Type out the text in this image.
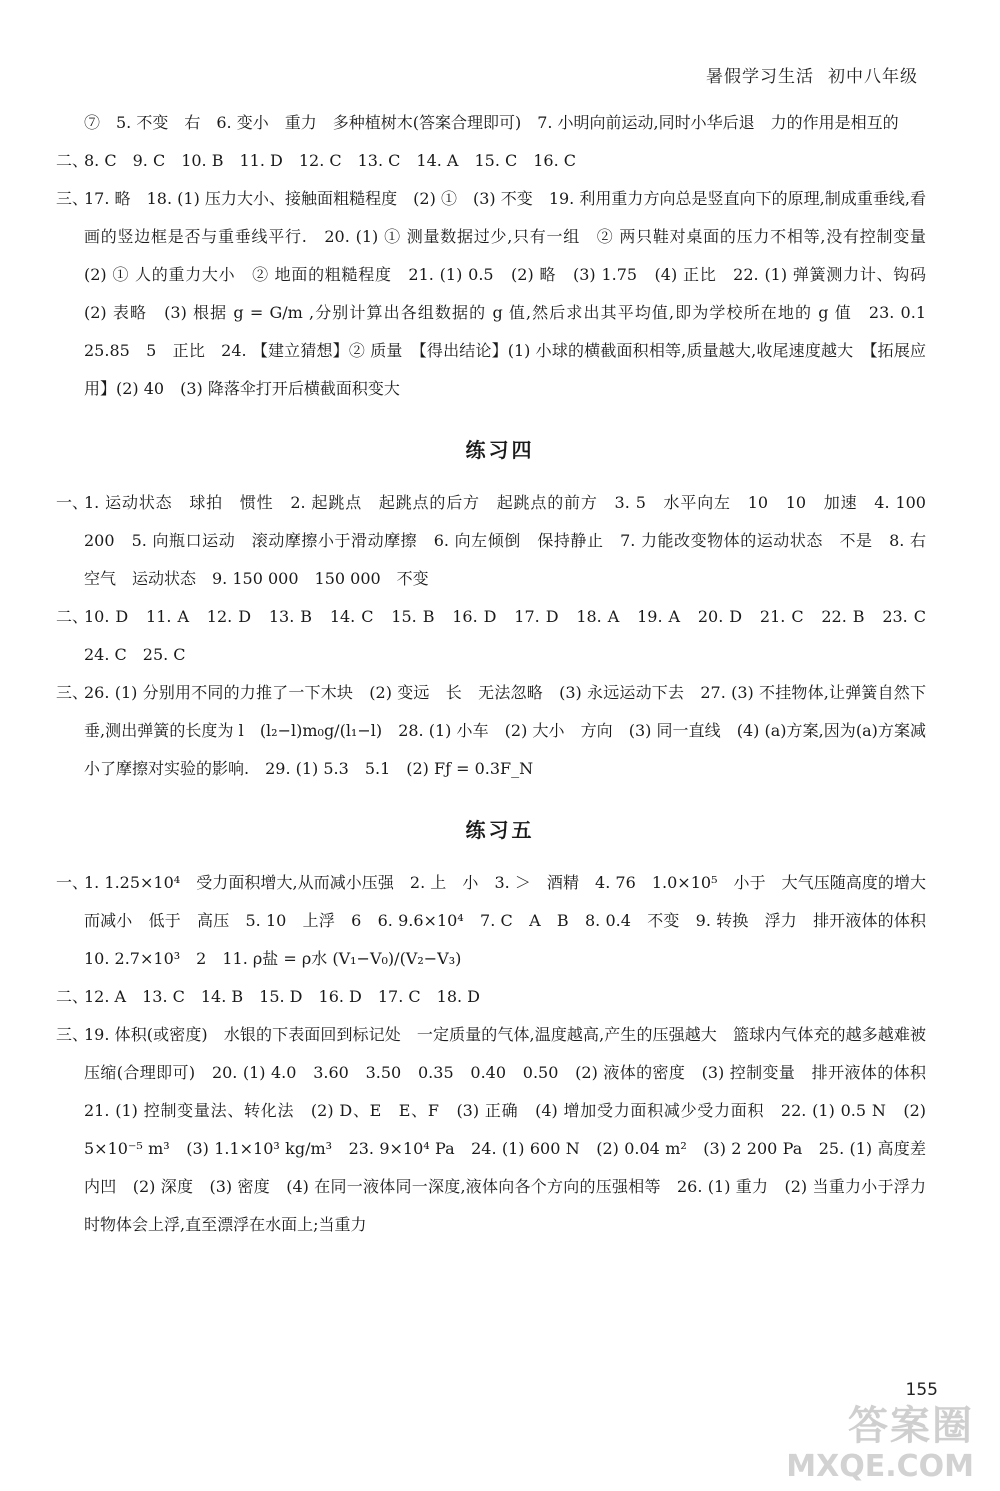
暑假学习生活 初中八年级
⑦　5. 不变　右　6. 变小　重力　多种植树木(答案合理即可)　7. 小明向前运动,同时小华后退　力的作用是相互的
二、
8. C　9. C　10. B　11. D　12. C　13. C　14. A　15. C　16. C
三、
17. 略　18. (1) 压力大小、接触面粗糙程度　(2) ①　(3) 不变　19. 利用重力方向总是竖直向下的原理,制成重垂线,看画的竖边框是否与重垂线平行.　20. (1) ① 测量数据过少,只有一组　② 两只鞋对桌面的压力不相等,没有控制变量　(2) ① 人的重力大小　② 地面的粗糙程度　21. (1) 0.5　(2) 略　(3) 1.75　(4) 正比　22. (1) 弹簧测力计、钩码　(2) 表略　(3) 根据 g = G/m ,分别计算出各组数据的 g 值,然后求出其平均值,即为学校所在地的 g 值　23. 0.1　25.85　5　正比　24. 【建立猜想】② 质量　【得出结论】(1) 小球的横截面积相等,质量越大,收尾速度越大　【拓展应用】(2) 40　(3) 降落伞打开后横截面积变大
练习四
一、
1. 运动状态　球拍　惯性　2. 起跳点　起跳点的后方　起跳点的前方　3. 5　水平向左　10　10　加速　4. 100　200　5. 向瓶口运动　滚动摩擦小于滑动摩擦　6. 向左倾倒　保持静止　7. 力能改变物体的运动状态　不是　8. 右　空气　运动状态　9. 150 000　150 000　不变
二、
10. D　11. A　12. D　13. B　14. C　15. B　16. D　17. D　18. A　19. A　20. D　21. C　22. B　23. C　24. C　25. C
三、
26. (1) 分别用不同的力推了一下木块　(2) 变远　长　无法忽略　(3) 永远运动下去　27. (3) 不挂物体,让弹簧自然下垂,测出弹簧的长度为 l　(l₂−l)m₀g/(l₁−l)　28. (1) 小车　(2) 大小　方向　(3) 同一直线　(4) (a)方案,因为(a)方案减小了摩擦对实验的影响.　29. (1) 5.3　5.1　(2) Fƒ = 0.3F_N
练习五
一、
1. 1.25×10⁴　受力面积增大,从而减小压强　2. 上　小　3. ＞　酒精　4. 76　1.0×10⁵　小于　大气压随高度的增大而减小　低于　高压　5. 10　上浮　6　6. 9.6×10⁴　7. C　A　B　8. 0.4　不变　9. 转换　浮力　排开液体的体积　10. 2.7×10³　2　11. ρ盐 = ρ水 (V₁−V₀)/(V₂−V₃)
二、
12. A　13. C　14. B　15. D　16. D　17. C　18. D
三、
19. 体积(或密度)　水银的下表面回到标记处　一定质量的气体,温度越高,产生的压强越大　篮球内气体充的越多越难被压缩(合理即可)　20. (1) 4.0　3.60　3.50　0.35　0.40　0.50　(2) 液体的密度　(3) 控制变量　排开液体的体积　21. (1) 控制变量法、转化法　(2) D、E　E、F　(3) 正确　(4) 增加受力面积减少受力面积　22. (1) 0.5 N　(2) 5×10⁻⁵ m³　(3) 1.1×10³ kg/m³　23. 9×10⁴ Pa　24. (1) 600 N　(2) 0.04 m²　(3) 2 200 Pa　25. (1) 高度差　内凹　(2) 深度　(3) 密度　(4) 在同一液体同一深度,液体向各个方向的压强相等　26. (1) 重力　(2) 当重力小于浮力时物体会上浮,直至漂浮在水面上;当重力
155
答案圈
MXQE.COM
